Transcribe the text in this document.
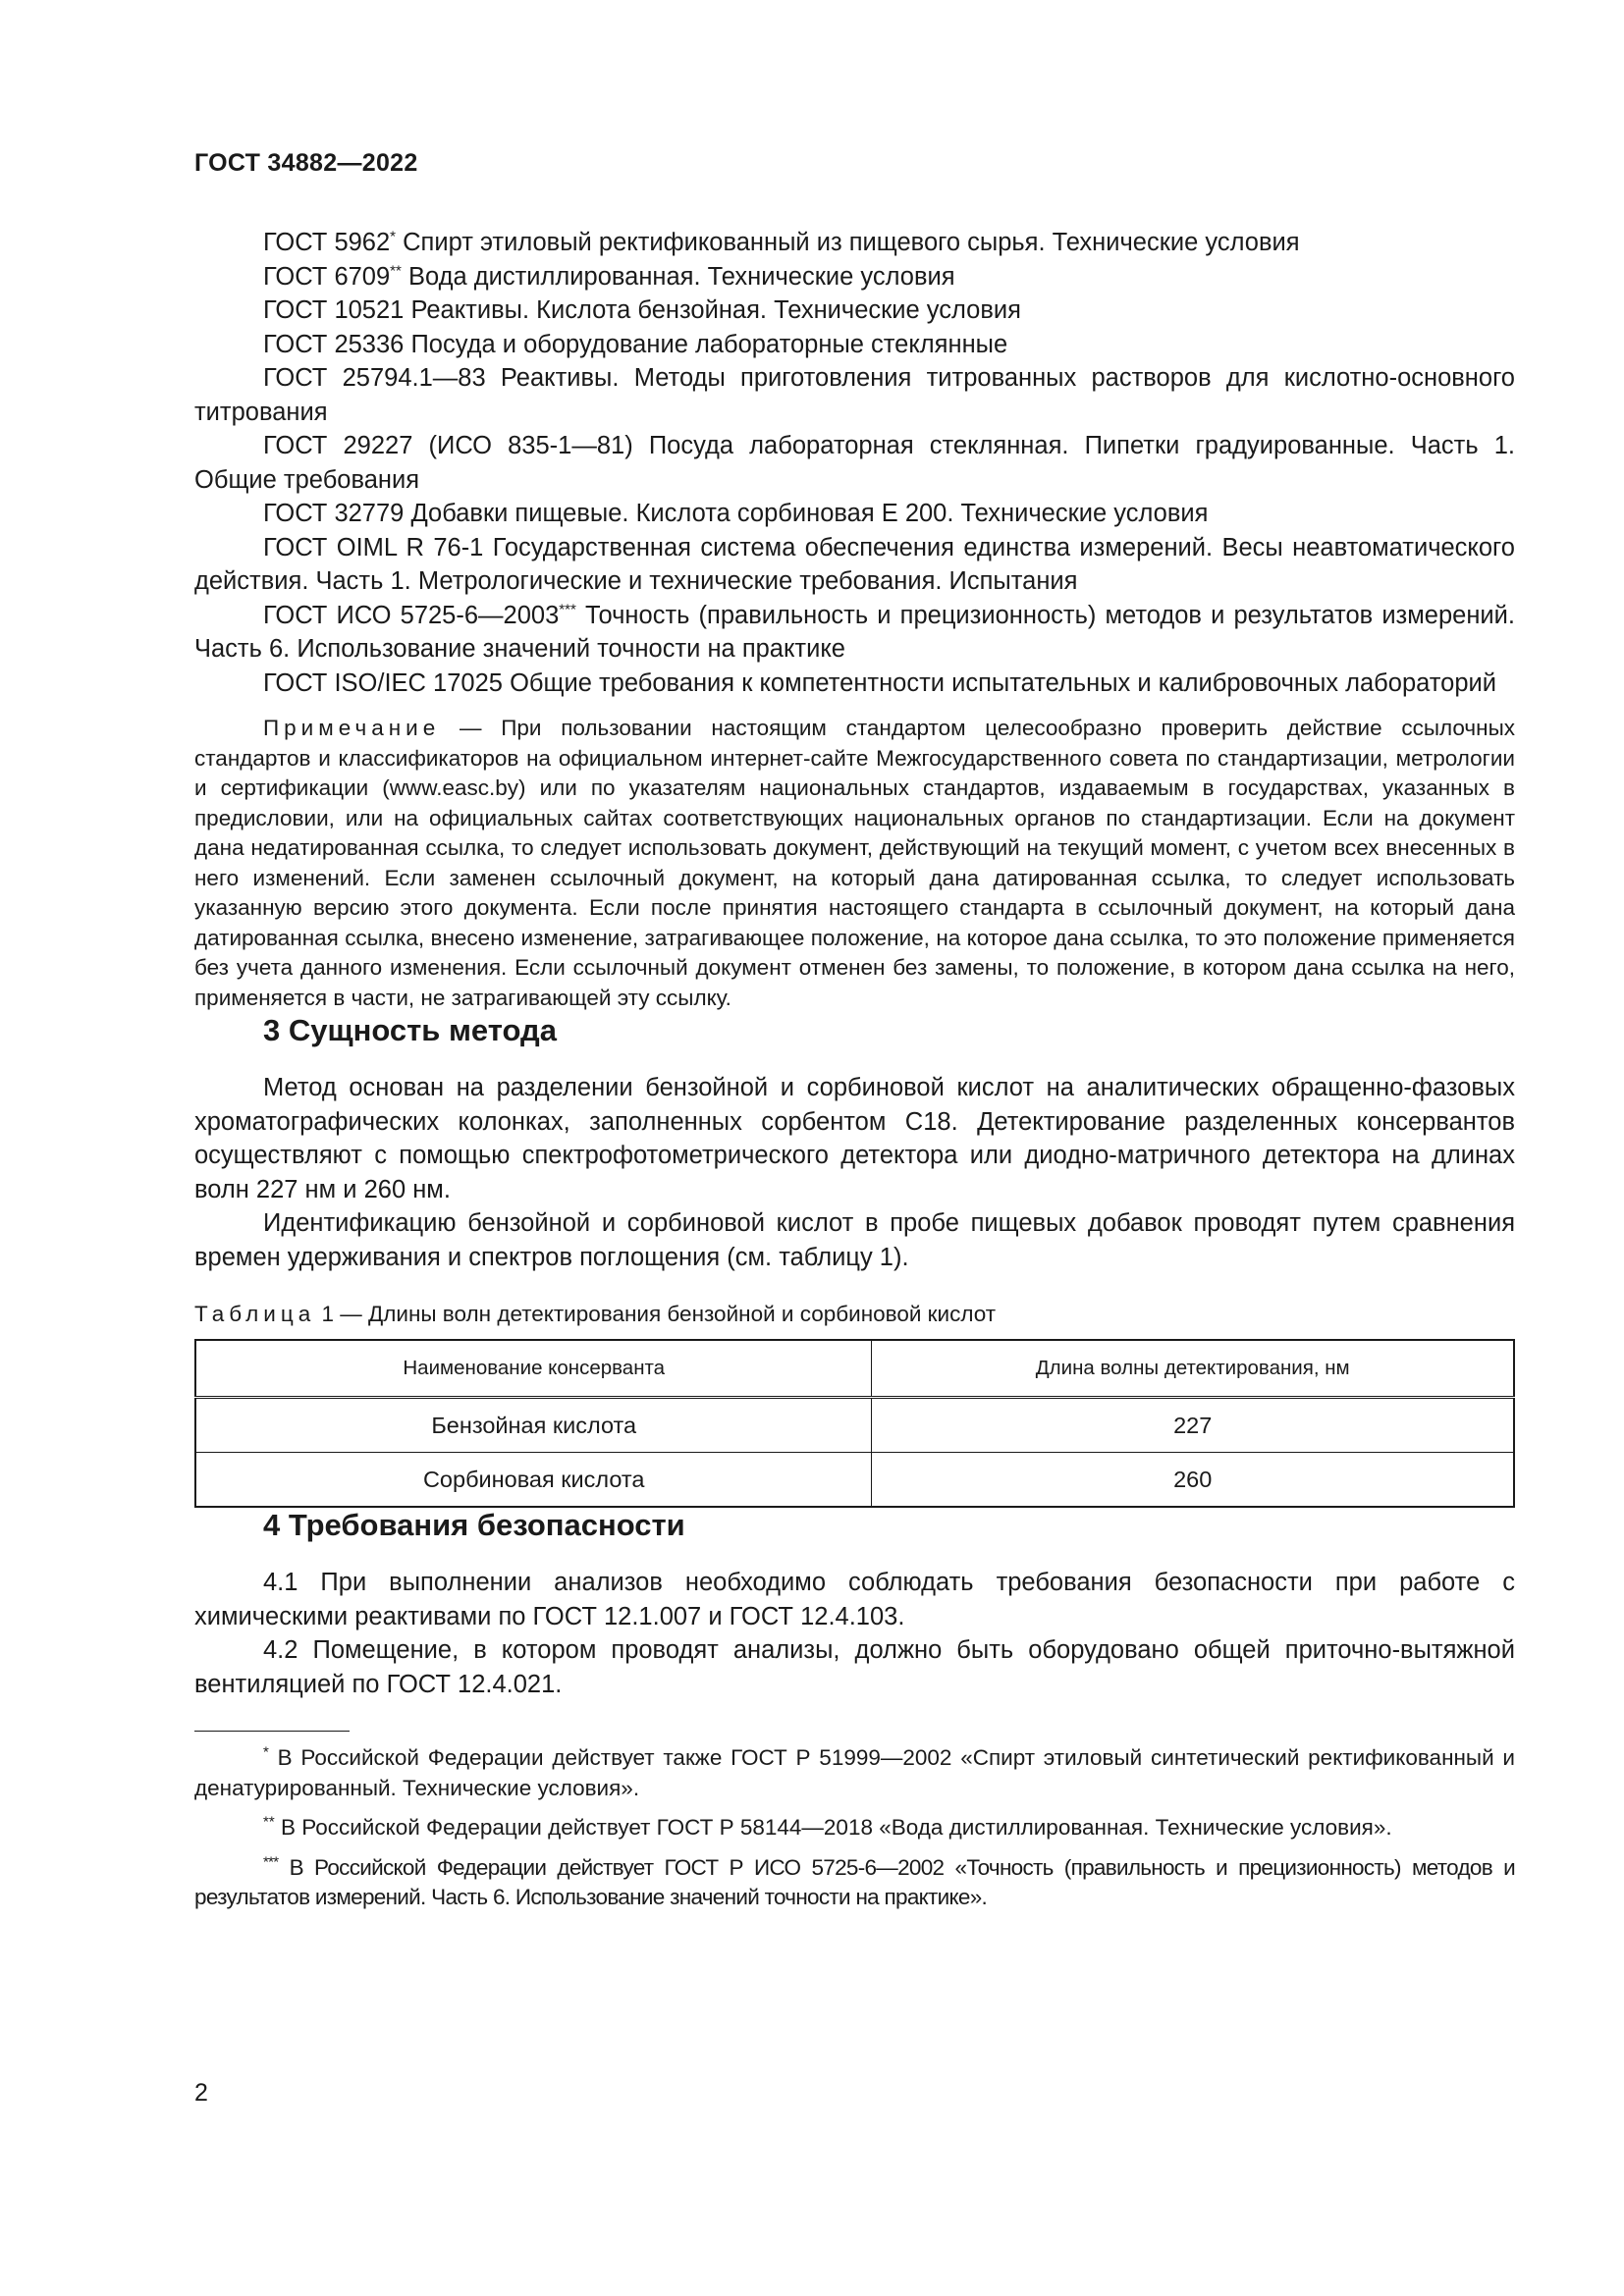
ГОСТ 34882—2022

ГОСТ 5962* Спирт этиловый ректификованный из пищевого сырья. Технические условия

ГОСТ 6709** Вода дистиллированная. Технические условия

ГОСТ 10521 Реактивы. Кислота бензойная. Технические условия

ГОСТ 25336 Посуда и оборудование лабораторные стеклянные

ГОСТ 25794.1—83 Реактивы. Методы приготовления титрованных растворов для кислотно-основного титрования

ГОСТ 29227 (ИСО 835-1—81) Посуда лабораторная стеклянная. Пипетки градуированные. Часть 1. Общие требования

ГОСТ 32779 Добавки пищевые. Кислота сорбиновая Е 200. Технические условия

ГОСТ OIML R 76-1 Государственная система обеспечения единства измерений. Весы неавтоматического действия. Часть 1. Метрологические и технические требования. Испытания

ГОСТ ИСО 5725-6—2003*** Точность (правильность и прецизионность) методов и результатов измерений. Часть 6. Использование значений точности на практике

ГОСТ ISO/IEC 17025 Общие требования к компетентности испытательных и калибровочных лабораторий

Примечание — При пользовании настоящим стандартом целесообразно проверить действие ссылочных стандартов и классификаторов на официальном интернет-сайте Межгосударственного совета по стандартизации, метрологии и сертификации (www.easc.by) или по указателям национальных стандартов, издаваемым в государствах, указанных в предисловии, или на официальных сайтах соответствующих национальных органов по стандартизации. Если на документ дана недатированная ссылка, то следует использовать документ, действующий на текущий момент, с учетом всех внесенных в него изменений. Если заменен ссылочный документ, на который дана датированная ссылка, то следует использовать указанную версию этого документа. Если после принятия настоящего стандарта в ссылочный документ, на который дана датированная ссылка, внесено изменение, затрагивающее положение, на которое дана ссылка, то это положение применяется без учета данного изменения. Если ссылочный документ отменен без замены, то положение, в котором дана ссылка на него, применяется в части, не затрагивающей эту ссылку.

3 Сущность метода

Метод основан на разделении бензойной и сорбиновой кислот на аналитических обращенно-фазовых хроматографических колонках, заполненных сорбентом С18. Детектирование разделенных консервантов осуществляют с помощью спектрофотометрического детектора или диодно-матричного детектора на длинах волн 227 нм и 260 нм.

Идентификацию бензойной и сорбиновой кислот в пробе пищевых добавок проводят путем сравнения времен удерживания и спектров поглощения (см. таблицу 1).

Таблица 1 — Длины волн детектирования бензойной и сорбиновой кислот
Наименование консерванта	Длина волны детектирования, нм
Бензойная кислота	227
Сорбиновая кислота	260
4 Требования безопасности

4.1 При выполнении анализов необходимо соблюдать требования безопасности при работе с химическими реактивами по ГОСТ 12.1.007 и ГОСТ 12.4.103.

4.2 Помещение, в котором проводят анализы, должно быть оборудовано общей приточно-вытяжной вентиляцией по ГОСТ 12.4.021.

* В Российской Федерации действует также ГОСТ Р 51999—2002 «Спирт этиловый синтетический ректификованный и денатурированный. Технические условия».

** В Российской Федерации действует ГОСТ Р 58144—2018 «Вода дистиллированная. Технические условия».

*** В Российской Федерации действует ГОСТ Р ИСО 5725-6—2002 «Точность (правильность и прецизионность) методов и результатов измерений. Часть 6. Использование значений точности на практике».

2
